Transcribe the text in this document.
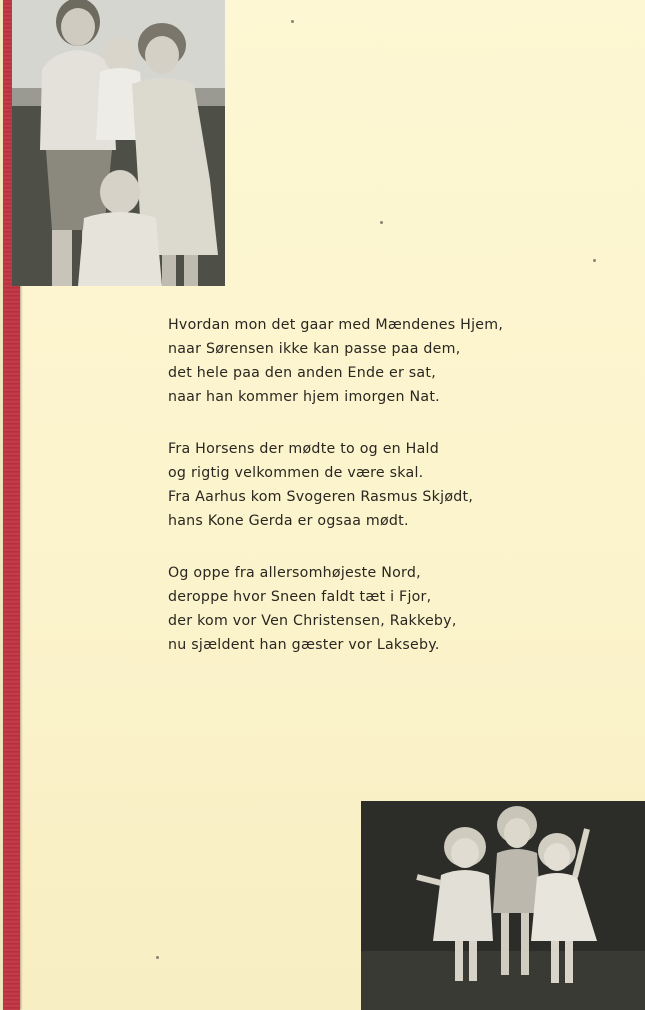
Hvordan mon det gaar med Mændenes Hjem,
naar Sørensen ikke kan passe paa dem,
det hele paa den anden Ende er sat,
naar han kommer hjem imorgen Nat.
Fra Horsens der mødte to og en Hald
og rigtig velkommen de være skal.
Fra Aarhus kom Svogeren Rasmus Skjødt,
hans Kone Gerda er ogsaa mødt.
Og oppe fra allersomhøjeste Nord,
deroppe hvor Sneen faldt tæt i Fjor,
der kom vor Ven Christensen, Rakkeby,
nu sjældent han gæster vor Lakseby.
